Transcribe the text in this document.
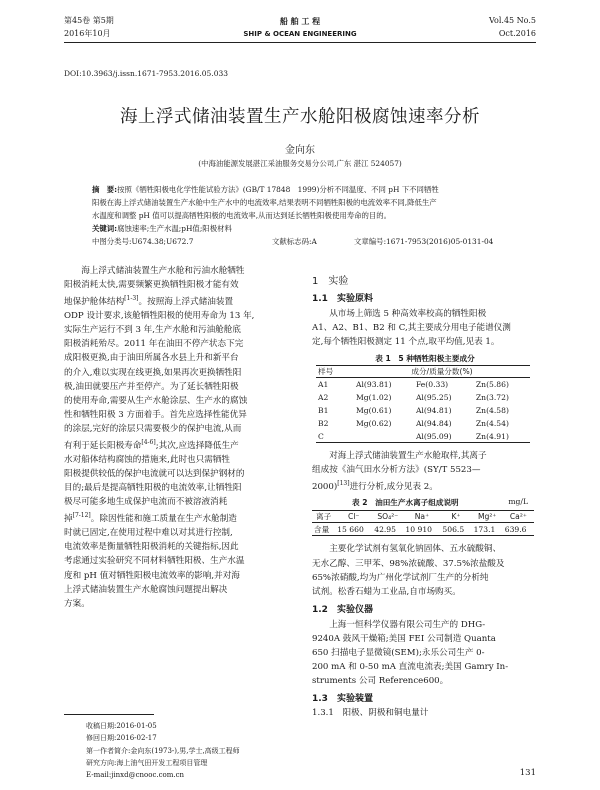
第45卷 第5期
2016年10月
船 舶 工 程
SHIP & OCEAN ENGINEERING
Vol.45 No.5
Oct.2016
DOI:10.3963/j.issn.1671-7953.2016.05.033
海上浮式储油装置生产水舱阳极腐蚀速率分析
金向东
(中海油能源发展湛江采油服务交易分公司,广东 湛江 524057)
摘　要:按照《牺牲阳极电化学性能试验方法》(GB/T 17848　1999)分析不同温度、不同 pH 下不同牺牲
阳极在海上浮式储油装置生产水舱中生产水中的电流效率,结果表明不同牺牲阳极的电流效率不同,降低生产
水温度和调整 pH 值可以提高牺牲阳极的电流效率,从而达到延长牺牲阳极使用寿命的目的。
关键词:腐蚀速率;生产水温;pH值;阳极材料
中图分类号:U674.38;U672.7	文献标志码:A	文章编号:1671-7953(2016)05-0131-04
海上浮式储油装置生产水舱和污油水舱牺牲
阳极消耗太快,需要频繁更换牺牲阳极才能有效
地保护舱体结构[1-3]。按照海上浮式储油装置
ODP 设计要求,该舱牺牲阳极的使用寿命为 13 年,
实际生产运行不到 3 年,生产水舱和污油舱舱底
阳极消耗殆尽。2011 年在油田不停产状态下完
成阳极更换,由于油田所属各水县上升和新平台
的介入,难以实现在线更换,如果再次更换牺牲阳
极,油田就要压产并至停产。为了延长牺牲阳极
的使用寿命,需要从生产水舱涂层、生产水的腐蚀
性和牺牲阳极 3 方面着手。首先应选择性能优异
的涂层,完好的涂层只需要极少的保护电流,从而
有利于延长阳极寿命[4-6];其次,应选择降低生产
水对船体结构腐蚀的措施来,此时也只需牺牲
阳极提供较低的保护电流就可以达到保护钢材的
目的;最后是提高牺牲阳极的电流效率,让牺牲阳
极尽可能多地生成保护电流而不被溶液消耗
掉[7-12]。除因性能和施工质量在生产水舱制造
时就已固定,在使用过程中难以对其进行控制,
电流效率是衡量牺牲阳极消耗的关键指标,因此
考虑通过实验研究不同材料牺牲阳极、生产水温
度和 pH 值对牺牲阳极电流效率的影响,并对海
上浮式储油装置生产水舱腐蚀问题提出解决
方案。
收稿日期:2016-01-05
修回日期:2016-02-17
第一作者简介:金向东(1973-),男,学士,高级工程师
研究方向:海上油气田开发工程项目管理
E-mail:jinxd@cnooc.com.cn
1　实验
1.1　实验原料
从市场上筛选 5 种高效率校高的牺牲阳极
A1、A2、B1、B2 和 C,其主要成分用电子能谱仪测
定,每个牺牲阳极测定 11 个点,取平均值,见表 1。
表 1　5 种牺牲阳极主要成分
样号	成分/质量分数(%)		
A1	Al(93.81)	Fe(0.33)	Zn(5.86)
A2	Mg(1.02)	Al(95.25)	Zn(3.72)
B1	Mg(0.61)	Al(94.81)	Zn(4.58)
B2	Mg(0.62)	Al(94.84)	Zn(4.54)
C		Al(95.09)	Zn(4.91)
对海上浮式储油装置生产水舱取样,其离子
组成按《油气田水分析方法》(SY/T 5523—
2000)[13]进行分析,成分见表 2。
表 2　油田生产水离子组成说明	mg/L
离子	Cl⁻	SO₄²⁻	Na⁺	K⁺	Mg²⁺	Ca²⁺
含量	15 660	42.95	10 910	506.5	173.1	639.6
主要化学试剂有氢氧化钠固体、五水硫酸铜、
无水乙醇、三甲苯、98%浓硫酸、37.5%浓盐酸及
65%浓硝酸,均为广州化学试剂厂生产的分析纯
试剂。松香石蜡为工业品,自市场购买。
1.2　实验仪器
上海一恒科学仪器有限公司生产的 DHG-
9240A 鼓风干燥箱;美国 FEI 公司制造 Quanta
650 扫描电子显微镜(SEM);永乐公司生产 0-
200 mA 和 0-50 mA 直流电流表;美国 Gamry In-
struments 公司 Reference600。
1.3　实验装置
1.3.1　阳极、阴极和铜电量计
131
